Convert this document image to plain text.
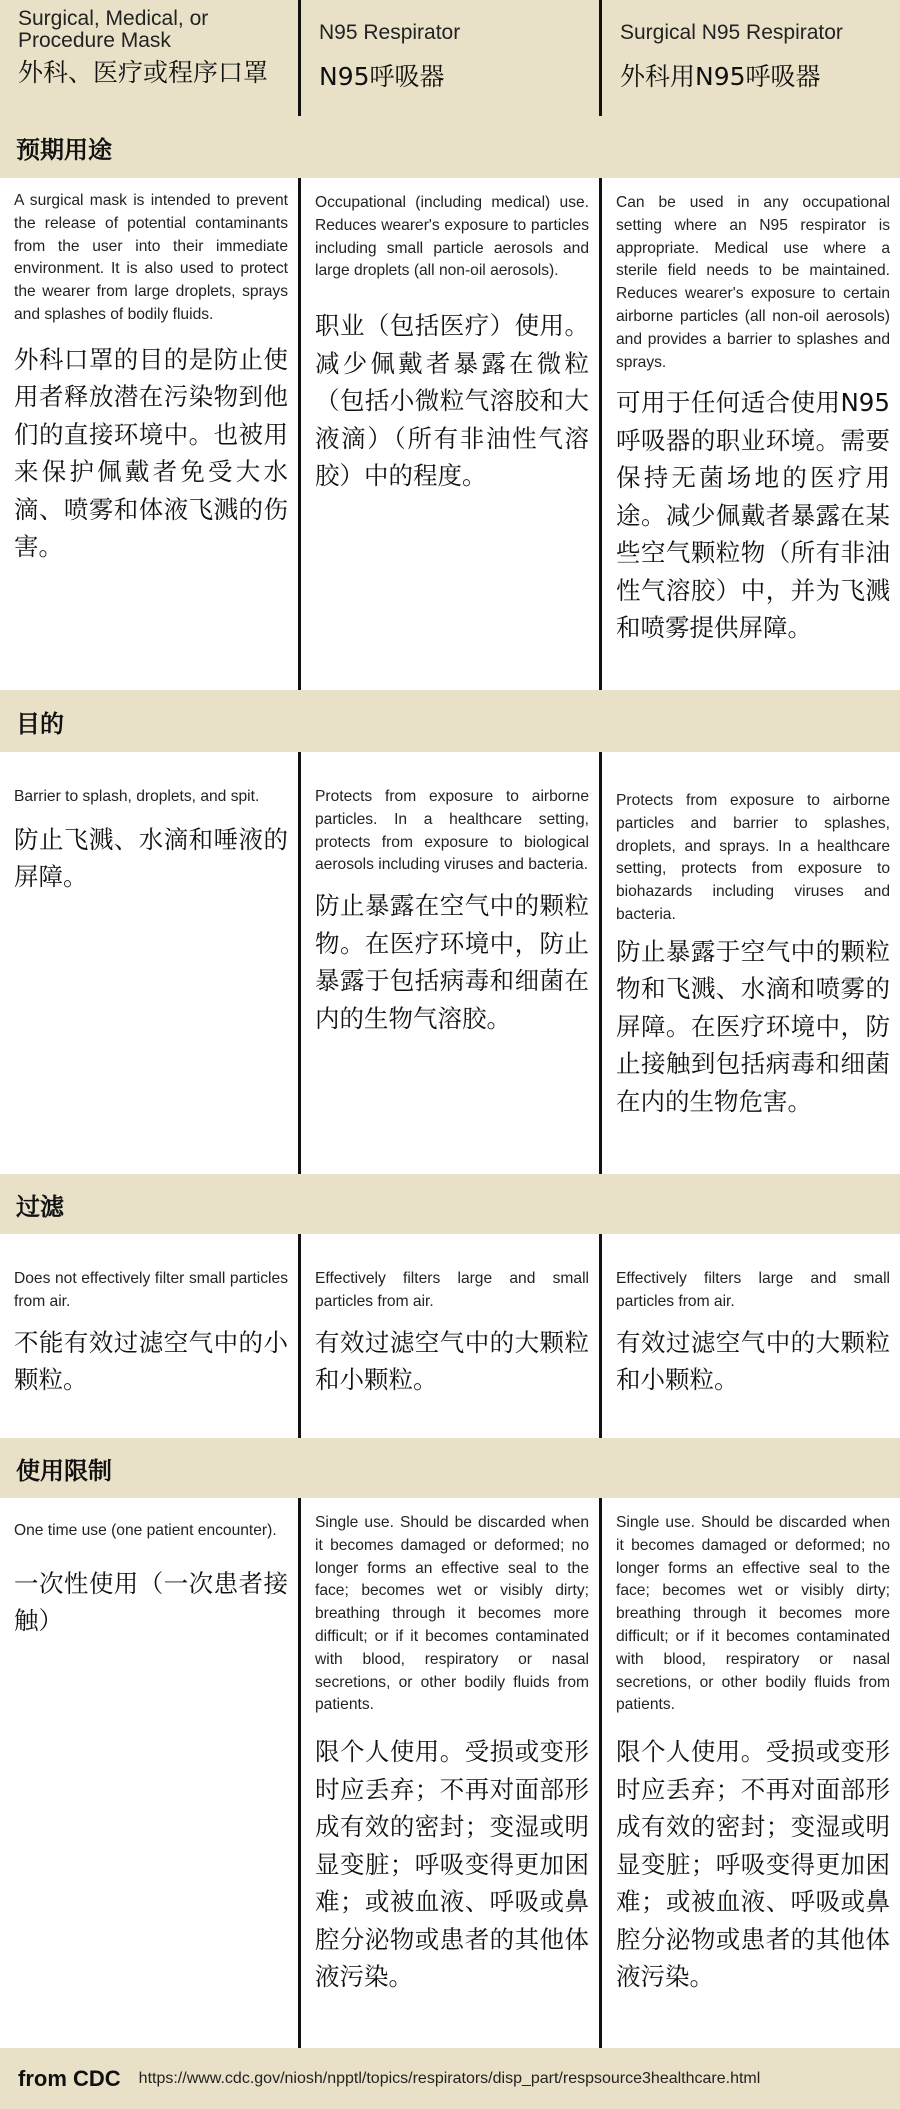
Surgical, Medical, or Procedure Mask
外科、医疗或程序口罩
N95 Respirator
N95呼吸器
Surgical N95 Respirator
外科用N95呼吸器
预期用途
A surgical mask is intended to prevent the release of potential contaminants from the user into their immediate environment. It is also used to protect the wearer from large droplets, sprays and splashes of bodily fluids.
外科口罩的目的是防止使用者释放潜在污染物到他们的直接环境中。也被用来保护佩戴者免受大水滴、喷雾和体液飞溅的伤害。
Occupational (including medical) use. Reduces wearer's exposure to particles including small particle aerosols and large droplets (all non-oil aerosols).
职业（包括医疗）使用。减少佩戴者暴露在微粒（包括小微粒气溶胶和大液滴）（所有非油性气溶胶）中的程度。
Can be used in any occupational setting where an N95 respirator is appropriate. Medical use where a sterile field needs to be maintained. Reduces wearer's exposure to certain airborne particles (all non-oil aerosols) and provides a barrier to splashes and sprays.
可用于任何适合使用N95呼吸器的职业环境。需要保持无菌场地的医疗用途。减少佩戴者暴露在某些空气颗粒物（所有非油性气溶胶）中，并为飞溅和喷雾提供屏障。
目的
Barrier to splash, droplets, and spit.
防止飞溅、水滴和唾液的屏障。
Protects from exposure to airborne particles. In a healthcare setting, protects from exposure to biological aerosols including viruses and bacteria.
防止暴露在空气中的颗粒物。在医疗环境中，防止暴露于包括病毒和细菌在内的生物气溶胶。
Protects from exposure to airborne particles and barrier to splashes, droplets, and sprays. In a healthcare setting, protects from exposure to biohazards including viruses and bacteria.
防止暴露于空气中的颗粒物和飞溅、水滴和喷雾的屏障。在医疗环境中，防止接触到包括病毒和细菌在内的生物危害。
过滤
Does not effectively filter small particles from air.
不能有效过滤空气中的小颗粒。
Effectively filters large and small particles from air.
有效过滤空气中的大颗粒和小颗粒。
Effectively filters large and small particles from air.
有效过滤空气中的大颗粒和小颗粒。
使用限制
One time use (one patient encounter).
一次性使用（一次患者接触）
Single use. Should be discarded when it becomes damaged or deformed; no longer forms an effective seal to the face; becomes wet or visibly dirty; breathing through it becomes more difficult; or if it becomes contaminated with blood, respiratory or nasal secretions, or other bodily fluids from patients.
限个人使用。受损或变形时应丢弃；不再对面部形成有效的密封；变湿或明显变脏；呼吸变得更加困难；或被血液、呼吸或鼻腔分泌物或患者的其他体液污染。
Single use. Should be discarded when it becomes damaged or deformed; no longer forms an effective seal to the face; becomes wet or visibly dirty; breathing through it becomes more difficult; or if it becomes contaminated with blood, respiratory or nasal secretions, or other bodily fluids from patients.
限个人使用。受损或变形时应丢弃；不再对面部形成有效的密封；变湿或明显变脏；呼吸变得更加困难；或被血液、呼吸或鼻腔分泌物或患者的其他体液污染。
from CDC https://www.cdc.gov/niosh/npptl/topics/respirators/disp_part/respsource3healthcare.html
